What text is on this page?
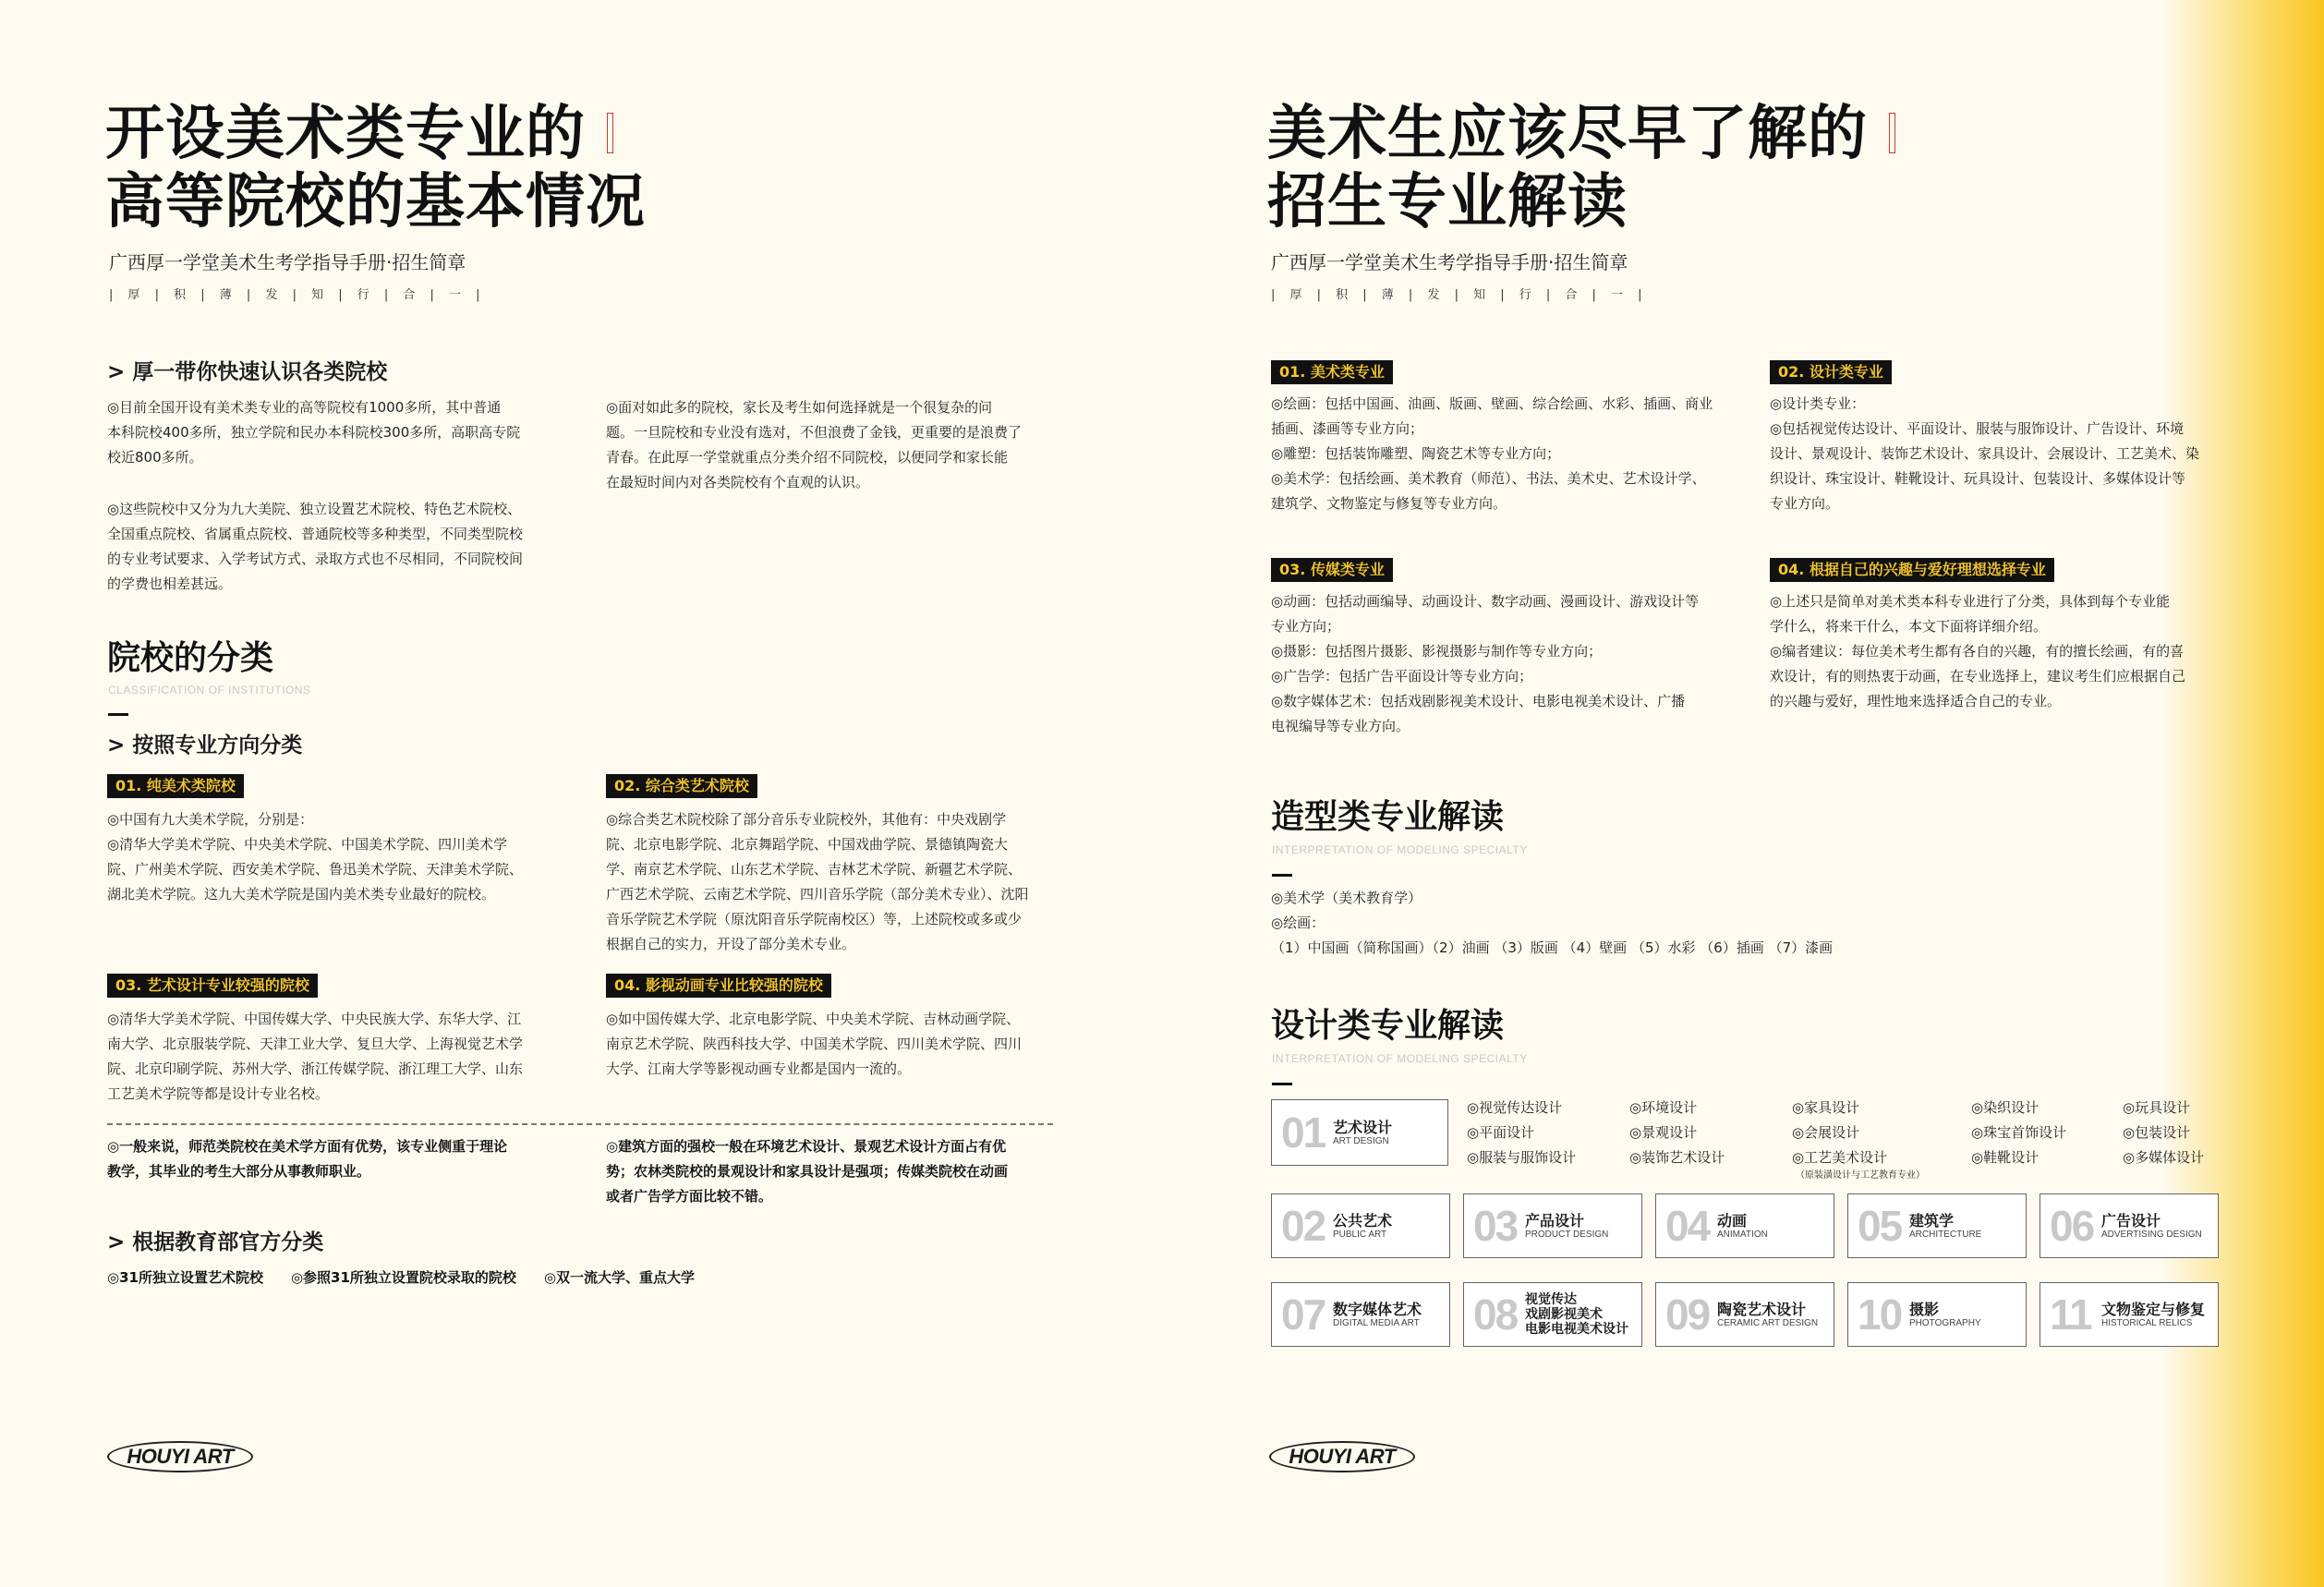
开设美术类专业的
高等院校的基本情况
广西厚一学堂美术生考学指导手册·招生简章
| 厚 | 积 | 薄 | 发 | 知 | 行 | 合 | 一 |
> 厚一带你快速认识各类院校
◎目前全国开设有美术类专业的高等院校有1000多所，其中普通
本科院校400多所，独立学院和民办本科院校300多所，高职高专院
校近800多所。
◎这些院校中又分为九大美院、独立设置艺术院校、特色艺术院校、
全国重点院校、省属重点院校、普通院校等多种类型，不同类型院校
的专业考试要求、入学考试方式、录取方式也不尽相同，不同院校间
的学费也相差甚远。
◎面对如此多的院校，家长及考生如何选择就是一个很复杂的问
题。一旦院校和专业没有选对，不但浪费了金钱，更重要的是浪费了
青春。在此厚一学堂就重点分类介绍不同院校，以便同学和家长能
在最短时间内对各类院校有个直观的认识。
院校的分类
CLASSIFICATION OF INSTITUTIONS
> 按照专业方向分类
01. 纯美术类院校
◎中国有九大美术学院，分别是：
◎清华大学美术学院、中央美术学院、中国美术学院、四川美术学
院、广州美术学院、西安美术学院、鲁迅美术学院、天津美术学院、
湖北美术学院。这九大美术学院是国内美术类专业最好的院校。
02. 综合类艺术院校
◎综合类艺术院校除了部分音乐专业院校外，其他有：中央戏剧学
院、北京电影学院、北京舞蹈学院、中国戏曲学院、景德镇陶瓷大
学、南京艺术学院、山东艺术学院、吉林艺术学院、新疆艺术学院、
广西艺术学院、云南艺术学院、四川音乐学院（部分美术专业）、沈阳
音乐学院艺术学院（原沈阳音乐学院南校区）等，上述院校或多或少
根据自己的实力，开设了部分美术专业。
03. 艺术设计专业较强的院校
◎清华大学美术学院、中国传媒大学、中央民族大学、东华大学、江
南大学、北京服装学院、天津工业大学、复旦大学、上海视觉艺术学
院、北京印刷学院、苏州大学、浙江传媒学院、浙江理工大学、山东
工艺美术学院等都是设计专业名校。
04. 影视动画专业比较强的院校
◎如中国传媒大学、北京电影学院、中央美术学院、吉林动画学院、
南京艺术学院、陕西科技大学、中国美术学院、四川美术学院、四川
大学、江南大学等影视动画专业都是国内一流的。
◎一般来说，师范类院校在美术学方面有优势，该专业侧重于理论
教学，其毕业的考生大部分从事教师职业。
◎建筑方面的强校一般在环境艺术设计、景观艺术设计方面占有优
势；农林类院校的景观设计和家具设计是强项；传媒类院校在动画
或者广告学方面比较不错。
> 根据教育部官方分类
◎31所独立设置艺术院校 ◎参照31所独立设置院校录取的院校 ◎双一流大学、重点大学
HOUYI ART
美术生应该尽早了解的
招生专业解读
广西厚一学堂美术生考学指导手册·招生简章
| 厚 | 积 | 薄 | 发 | 知 | 行 | 合 | 一 |
01. 美术类专业
◎绘画：包括中国画、油画、版画、壁画、综合绘画、水彩、插画、商业
插画、漆画等专业方向；
◎雕塑：包括装饰雕塑、陶瓷艺术等专业方向；
◎美术学：包括绘画、美术教育（师范）、书法、美术史、艺术设计学、
建筑学、文物鉴定与修复等专业方向。
02. 设计类专业
◎设计类专业：
◎包括视觉传达设计、平面设计、服装与服饰设计、广告设计、环境
设计、景观设计、装饰艺术设计、家具设计、会展设计、工艺美术、染
织设计、珠宝设计、鞋靴设计、玩具设计、包装设计、多媒体设计等
专业方向。
03. 传媒类专业
◎动画：包括动画编导、动画设计、数字动画、漫画设计、游戏设计等
专业方向；
◎摄影：包括图片摄影、影视摄影与制作等专业方向；
◎广告学：包括广告平面设计等专业方向；
◎数字媒体艺术：包括戏剧影视美术设计、电影电视美术设计、广播
电视编导等专业方向。
04. 根据自己的兴趣与爱好理想选择专业
◎上述只是简单对美术类本科专业进行了分类，具体到每个专业能
学什么，将来干什么，本文下面将详细介绍。
◎编者建议：每位美术考生都有各自的兴趣，有的擅长绘画，有的喜
欢设计，有的则热衷于动画，在专业选择上，建议考生们应根据自己
的兴趣与爱好，理性地来选择适合自己的专业。
造型类专业解读
INTERPRETATION OF MODELING SPECIALTY
◎美术学（美术教育学）
◎绘画：
（1）中国画（简称国画）（2）油画 （3）版画 （4）壁画 （5）水彩 （6）插画 （7）漆画
设计类专业解读
INTERPRETATION OF MODELING SPECIALTY
01 艺术设计
ART DESIGN
◎视觉传达设计
◎平面设计
◎服装与服饰设计
◎环境设计
◎景观设计
◎装饰艺术设计
◎家具设计
◎会展设计
◎工艺美术设计
（原装潢设计与工艺教育专业）
◎染织设计
◎珠宝首饰设计
◎鞋靴设计
◎玩具设计
◎包装设计
◎多媒体设计
02 公共艺术
PUBLIC ART 03 产品设计
PRODUCT DESIGN 04 动画
ANIMATION 05 建筑学
ARCHITECTURE 06 广告设计
ADVERTISING DESIGN
07 数字媒体艺术
DIGITAL MEDIA ART 08 视觉传达
戏剧影视美术
电影电视美术设计 09 陶瓷艺术设计
CERAMIC ART DESIGN 10 摄影
PHOTOGRAPHY 11 文物鉴定与修复
HISTORICAL RELICS
HOUYI ART
